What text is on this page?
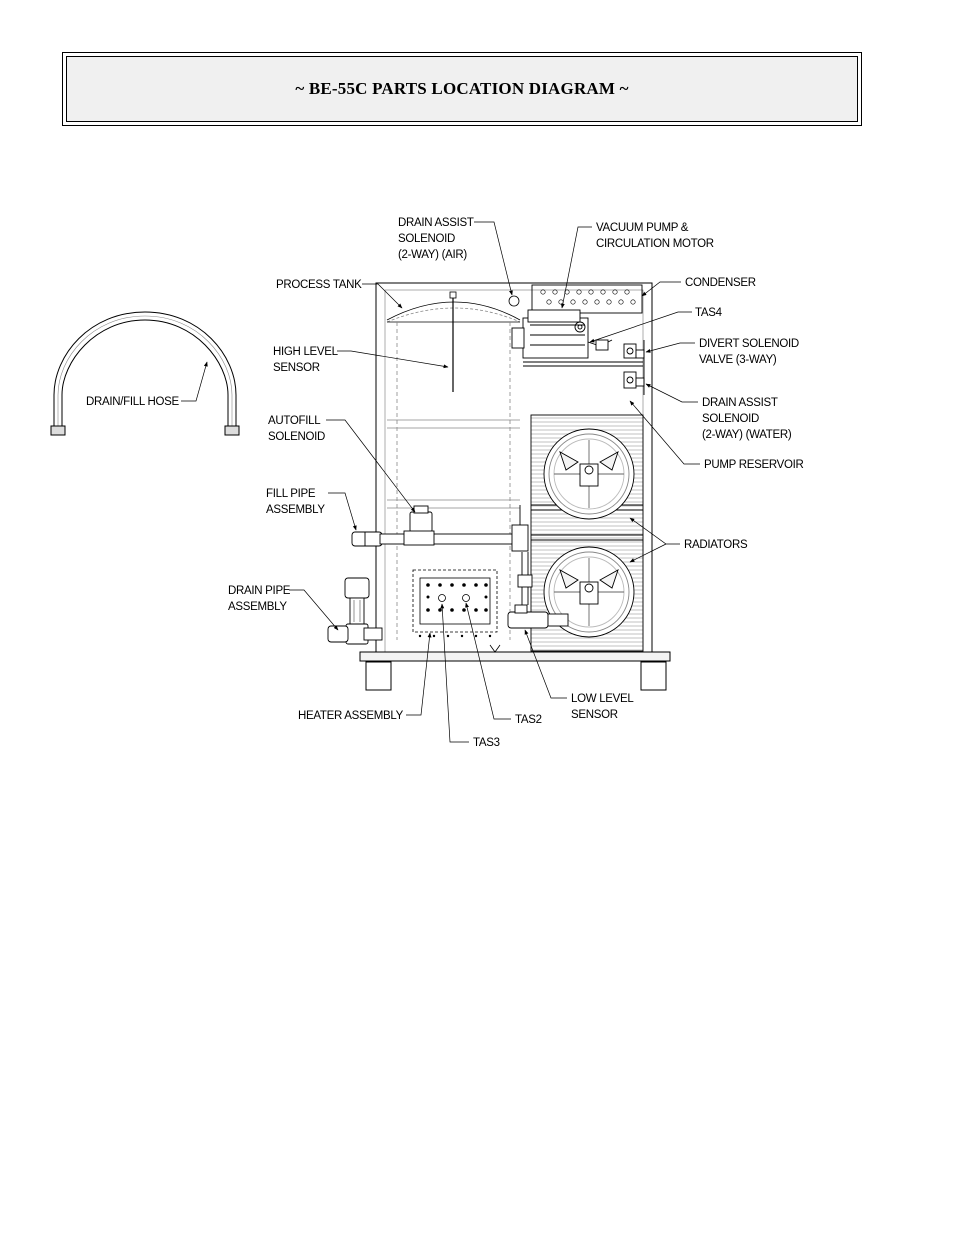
~ BE-55C PARTS LOCATION DIAGRAM ~
DRAIN ASSIST SOLENOID (2-WAY) (AIR)
VACUUM PUMP & CIRCULATION MOTOR
PROCESS TANK	CONDENSER
TAS4
HIGH LEVEL SENSOR
DIVERT SOLENOID VALVE (3-WAY)
DRAIN/FILL HOSE	DRAIN ASSIST SOLENOID (2-WAY) (WATER)
AUTOFILL SOLENOID
PUMP RESERVOIR
FILL PIPE ASSEMBLY
RADIATORS
DRAIN PIPE ASSEMBLY
LOW LEVEL SENSOR
HEATER ASSEMBLY	TAS2
TAS3
